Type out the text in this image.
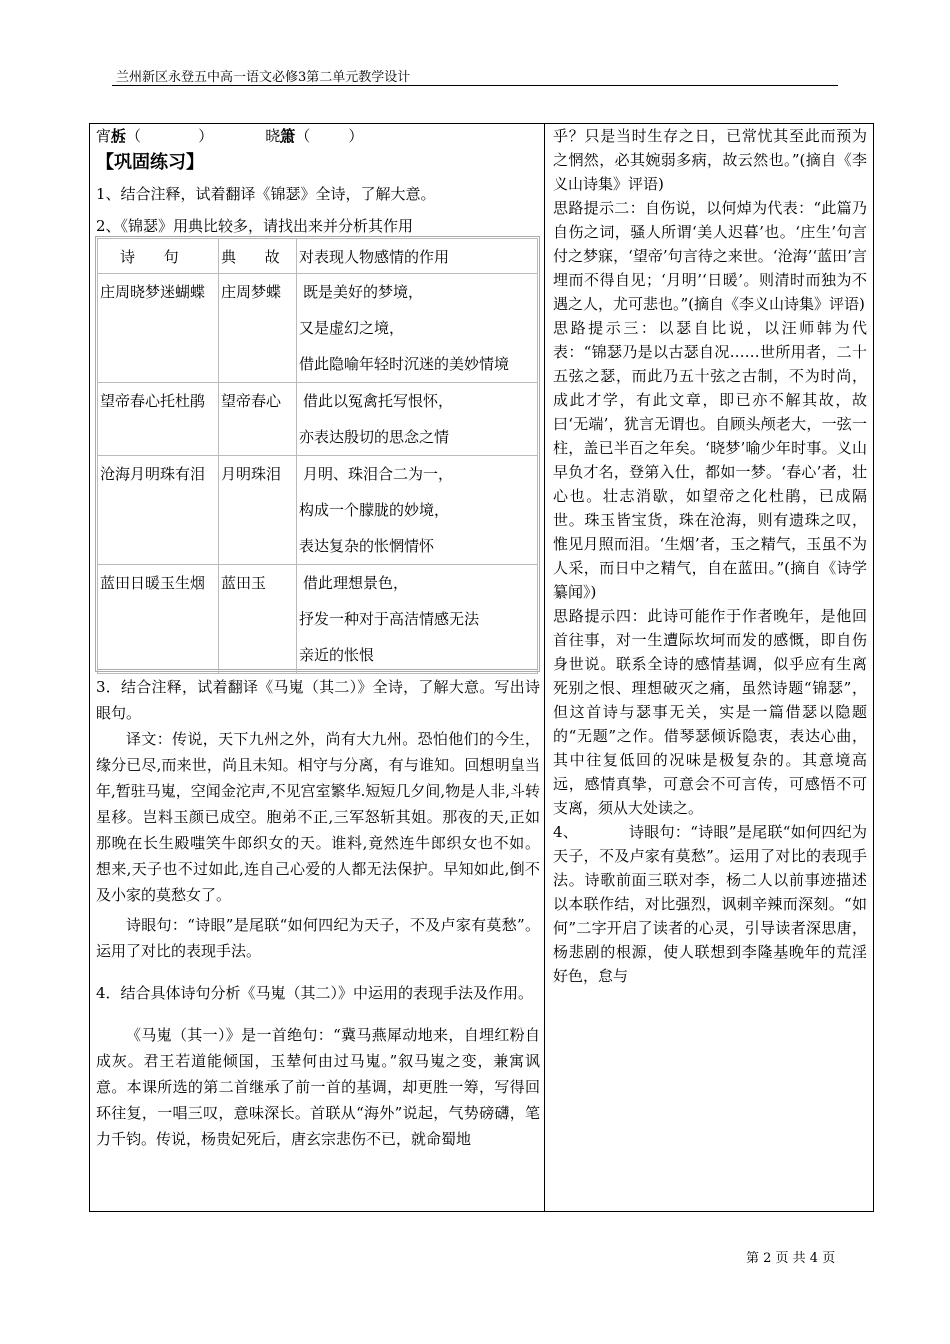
兰州新区永登五中高一语文必修3第二单元教学设计
宵柝（            ）	晓箫（        ）
【巩固练习】
1、结合注释，试着翻译《锦瑟》全诗，了解大意。
2、《锦瑟》用典比较多，请找出来并分析其作用
诗      句	典      故	对表现人物感情的作用
庄周晓梦迷蝴蝶	庄周梦蝶	既是美好的梦境，
又是虚幻之境，
借此隐喻年轻时沉迷的美妙情境

望帝春心托杜鹃	望帝春心	借此以冤禽托写恨怀，
亦表达殷切的思念之情

沧海月明珠有泪	月明珠泪	月明、珠泪合二为一，
构成一个朦胧的妙境，
表达复杂的怅惘情怀

蓝田日暖玉生烟	蓝田玉	借此理想景色，
抒发一种对于高洁情感无法
亲近的怅恨
3．结合注释，试着翻译《马嵬（其二）》全诗，了解大意。写出诗眼句。
译文：传说，天下九州之外，尚有大九州。恐怕他们的今生，缘分已尽,而来世，尚且未知。相守与分离，有与谁知。回想明皇当年,暂驻马嵬，空闻金沱声,不见宫室繁华.短短几夕间,物是人非,斗转星移。岂料玉颜已成空。胞弟不正,三军怒斩其姐。那夜的天,正如那晚在长生殿嗤笑牛郎织女的天。谁料,竟然连牛郎织女也不如。 想来,天子也不过如此,连自己心爱的人都无法保护。早知如此,倒不及小家的莫愁女了。
诗眼句：“诗眼”是尾联“如何四纪为天子，不及卢家有莫愁”。运用了对比的表现手法。
4．结合具体诗句分析《马嵬（其二）》中运用的表现手法及作用。
《马嵬（其一）》是一首绝句：“冀马燕犀动地来，自埋红粉自成灰。君王若道能倾国，玉辇何由过马嵬。”叙马嵬之变，兼寓讽意。本课所选的第二首继承了前一首的基调，却更胜一筹，写得回环往复，一唱三叹，意味深长。首联从“海外”说起，气势磅礴，笔力千钧。传说，杨贵妃死后，唐玄宗悲伤不已，就命蜀地
乎？只是当时生存之日，已常忧其至此而预为之惘然，必其婉弱多病，故云然也。”(摘自《李义山诗集》评语)
思路提示二：自伤说，以何焯为代表：“此篇乃自伤之词，骚人所谓‘美人迟暮’也。‘庄生’句言付之梦寐，‘望帝’句言待之来世。‘沧海’‘蓝田’言埋而不得自见；‘月明’‘日暖’。则清时而独为不遇之人，尤可悲也。”(摘自《李义山诗集》评语)
思路提示三：以瑟自比说，以汪师韩为代表：“锦瑟乃是以古瑟自况……世所用者，二十五弦之瑟，而此乃五十弦之古制，不为时尚，成此才学，有此文章，即已亦不解其故，故曰‘无端’，犹言无谓也。自顾头颅老大，一弦一柱，盖已半百之年矣。‘晓梦’喻少年时事。义山早负才名，登第入仕，都如一梦。‘春心’者，壮心也。壮志消歇，如望帝之化杜鹃，已成隔世。珠玉皆宝货，珠在沧海，则有遗珠之叹，惟见月照而泪。‘生烟’者，玉之精气，玉虽不为人采，而日中之精气，自在蓝田。”(摘自《诗学纂闻》)
思路提示四：此诗可能作于作者晚年，是他回首往事，对一生遭际坎坷而发的感慨，即自伤身世说。联系全诗的感情基调，似乎应有生离死别之恨、理想破灭之痛，虽然诗题“锦瑟”，但这首诗与瑟事无关，实是一篇借瑟以隐题的“无题”之作。借琴瑟倾诉隐衷，表达心曲，其中往复低回的况味是极复杂的。其意境高远，感情真挚，可意会不可言传，可感悟不可支离，须从大处读之。
4、          诗眼句：“诗眼”是尾联“如何四纪为天子，不及卢家有莫愁”。运用了对比的表现手法。诗歌前面三联对李，杨二人以前事迹描述以本联作结，对比强烈，讽刺辛辣而深刻。“如何”二字开启了读者的心灵，引导读者深思唐，杨悲剧的根源，使人联想到李隆基晚年的荒淫好色，怠与
第 2 页 共 4 页
